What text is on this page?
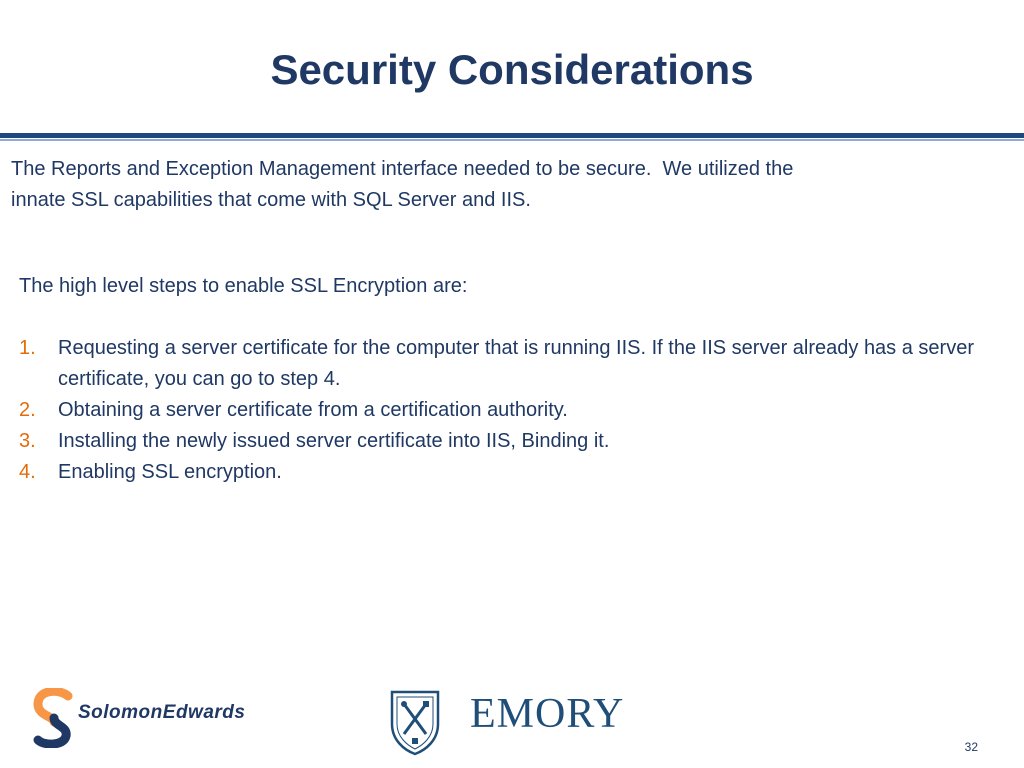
Security Considerations
The Reports and Exception Management interface needed to be secure.  We utilized the
innate SSL capabilities that come with SQL Server and IIS.
The high level steps to enable SSL Encryption are:
1. Requesting a server certificate for the computer that is running IIS. If the IIS server already has a server certificate, you can go to step 4.
2. Obtaining a server certificate from a certification authority.
3. Installing the newly issued server certificate into IIS, Binding it.
4. Enabling SSL encryption.
SolomonEdwards
®
EMORY
32
